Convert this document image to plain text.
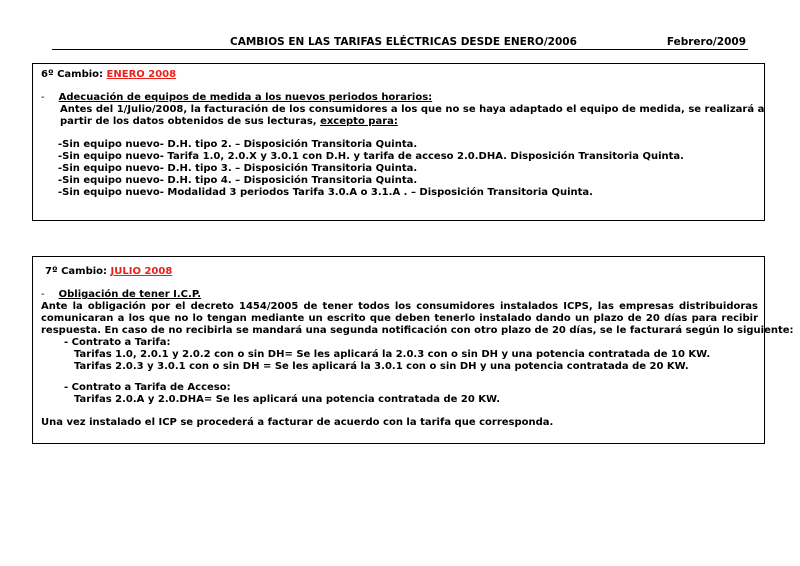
CAMBIOS EN LAS TARIFAS ELÉCTRICAS DESDE ENERO/2006	Febrero/2009
6º Cambio: ENERO 2008
- Adecuación de equipos de medida a los nuevos periodos horarios:
Antes del 1/Julio/2008, la facturación de los consumidores a los que no se haya adaptado el equipo de medida, se realizará a
partir de los datos obtenidos de sus lecturas, excepto para:
-Sin equipo nuevo- D.H. tipo 2. – Disposición Transitoria Quinta.
-Sin equipo nuevo- Tarifa 1.0, 2.0.X y 3.0.1 con D.H. y tarifa de acceso 2.0.DHA. Disposición Transitoria Quinta.
-Sin equipo nuevo- D.H. tipo 3. – Disposición Transitoria Quinta.
-Sin equipo nuevo- D.H. tipo 4. – Disposición Transitoria Quinta.
-Sin equipo nuevo- Modalidad 3 periodos Tarifa 3.0.A o 3.1.A . – Disposición Transitoria Quinta.
7º Cambio: JULIO 2008
- Obligación de tener I.C.P.
Ante la obligación por el decreto 1454/2005 de tener todos los consumidores instalados ICPS, las empresas distribuidoras
comunicaran a los que no lo tengan mediante un escrito que deben tenerlo instalado dando un plazo de 20 días para recibir
respuesta. En caso de no recibirla se mandará una segunda notificación con otro plazo de 20 días, se le facturará según lo siguiente:
- Contrato a Tarifa:
Tarifas 1.0, 2.0.1 y 2.0.2 con o sin DH= Se les aplicará la 2.0.3 con o sin DH y una potencia contratada de 10 KW.
Tarifas 2.0.3 y 3.0.1 con o sin DH = Se les aplicará la 3.0.1 con o sin DH y una potencia contratada de 20 KW.
- Contrato a Tarifa de Acceso:
Tarifas 2.0.A y 2.0.DHA= Se les aplicará una potencia contratada de 20 KW.
Una vez instalado el ICP se procederá a facturar de acuerdo con la tarifa que corresponda.
